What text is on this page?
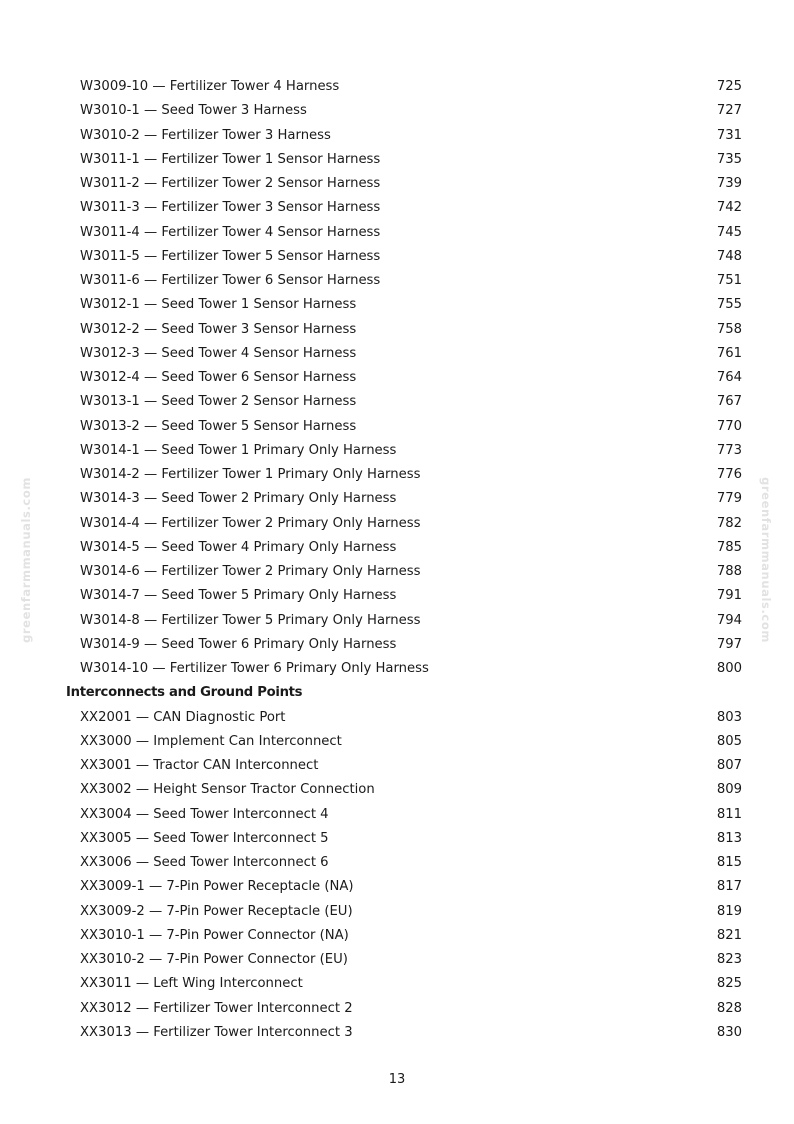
greenfarmmanuals.com	greenfarmmanuals.com
W3009-10 — Fertilizer Tower 4 Harness	725
W3010-1 — Seed Tower 3 Harness	727
W3010-2 — Fertilizer Tower 3 Harness	731
W3011-1 — Fertilizer Tower 1 Sensor Harness	735
W3011-2 — Fertilizer Tower 2 Sensor Harness	739
W3011-3 — Fertilizer Tower 3 Sensor Harness	742
W3011-4 — Fertilizer Tower 4 Sensor Harness	745
W3011-5 — Fertilizer Tower 5 Sensor Harness	748
W3011-6 — Fertilizer Tower 6 Sensor Harness	751
W3012-1 — Seed Tower 1 Sensor Harness	755
W3012-2 — Seed Tower 3 Sensor Harness	758
W3012-3 — Seed Tower 4 Sensor Harness	761
W3012-4 — Seed Tower 6 Sensor Harness	764
W3013-1 — Seed Tower 2 Sensor Harness	767
W3013-2 — Seed Tower 5 Sensor Harness	770
W3014-1 — Seed Tower 1 Primary Only Harness	773
W3014-2 — Fertilizer Tower 1 Primary Only Harness	776
W3014-3 — Seed Tower 2 Primary Only Harness	779
W3014-4 — Fertilizer Tower 2 Primary Only Harness	782
W3014-5 — Seed Tower 4 Primary Only Harness	785
W3014-6 — Fertilizer Tower 2 Primary Only Harness	788
W3014-7 — Seed Tower 5 Primary Only Harness	791
W3014-8 — Fertilizer Tower 5 Primary Only Harness	794
W3014-9 — Seed Tower 6 Primary Only Harness	797
W3014-10 — Fertilizer Tower 6 Primary Only Harness	800
Interconnects and Ground Points
XX2001 — CAN Diagnostic Port	803
XX3000 — Implement Can Interconnect	805
XX3001 — Tractor CAN Interconnect	807
XX3002 — Height Sensor Tractor Connection	809
XX3004 — Seed Tower Interconnect 4	811
XX3005 — Seed Tower Interconnect 5	813
XX3006 — Seed Tower Interconnect 6	815
XX3009-1 — 7-Pin Power Receptacle (NA)	817
XX3009-2 — 7-Pin Power Receptacle (EU)	819
XX3010-1 — 7-Pin Power Connector (NA)	821
XX3010-2 — 7-Pin Power Connector (EU)	823
XX3011 — Left Wing Interconnect	825
XX3012 — Fertilizer Tower Interconnect 2	828
XX3013 — Fertilizer Tower Interconnect 3	830
13
